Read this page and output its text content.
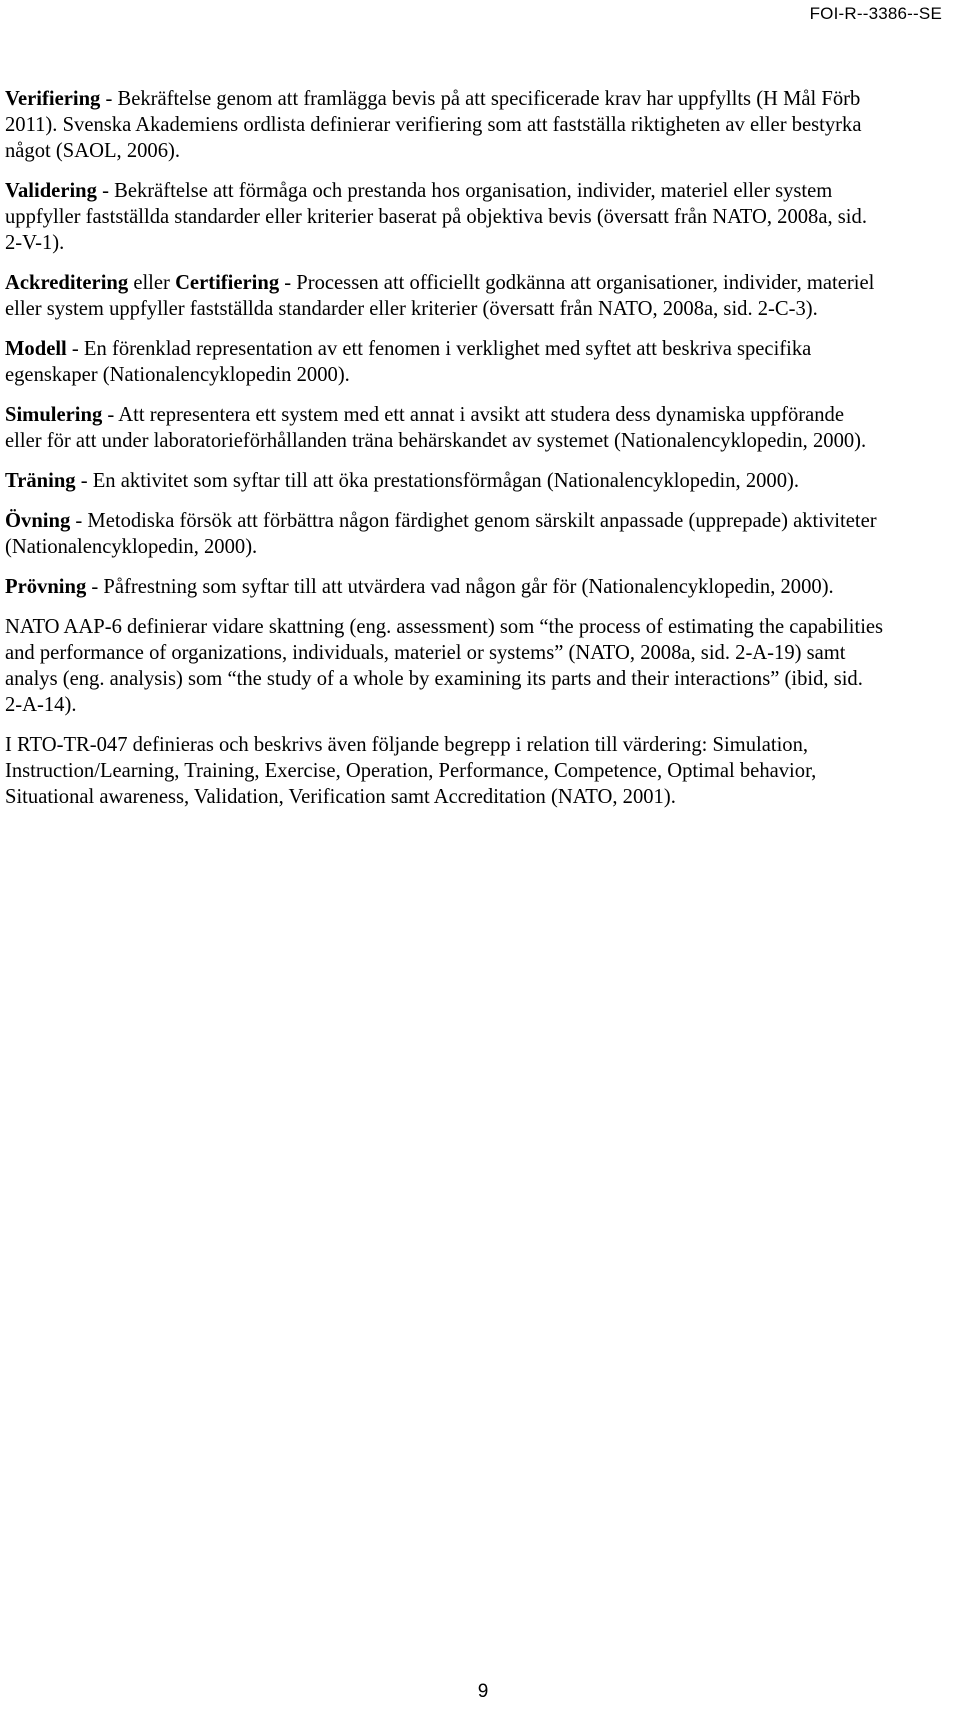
FOI-R--3386--SE

Verifiering - Bekräftelse genom att framlägga bevis på att specificerade krav har uppfyllts (H Mål Förb 2011). Svenska Akademiens ordlista definierar verifiering som att fastställa riktigheten av eller bestyrka något (SAOL, 2006).

Validering - Bekräftelse att förmåga och prestanda hos organisation, individer, materiel eller system uppfyller fastställda standarder eller kriterier baserat på objektiva bevis (översatt från NATO, 2008a, sid. 2-V-1).

Ackreditering eller Certifiering - Processen att officiellt godkänna att organisationer, individer, materiel eller system uppfyller fastställda standarder eller kriterier (översatt från NATO, 2008a, sid. 2-C-3).

Modell - En förenklad representation av ett fenomen i verklighet med syftet att beskriva specifika egenskaper (Nationalencyklopedin 2000).

Simulering - Att representera ett system med ett annat i avsikt att studera dess dynamiska uppförande eller för att under laboratorieförhållanden träna behärskandet av systemet (Nationalencyklopedin, 2000).

Träning - En aktivitet som syftar till att öka prestationsförmågan (Nationalencyklopedin, 2000).

Övning - Metodiska försök att förbättra någon färdighet genom särskilt anpassade (upprepade) aktiviteter (Nationalencyklopedin, 2000).

Prövning - Påfrestning som syftar till att utvärdera vad någon går för (Nationalencyklopedin, 2000).

NATO AAP-6 definierar vidare skattning (eng. assessment) som “the process of estimating the capabilities and performance of organizations, individuals, materiel or systems” (NATO, 2008a, sid. 2-A-19) samt analys (eng. analysis) som “the study of a whole by examining its parts and their interactions” (ibid, sid. 2-A-14).

I RTO-TR-047 definieras och beskrivs även följande begrepp i relation till värdering: Simulation, Instruction/Learning, Training, Exercise, Operation, Performance, Competence, Optimal behavior, Situational awareness, Validation, Verification samt Accreditation (NATO, 2001).

9
